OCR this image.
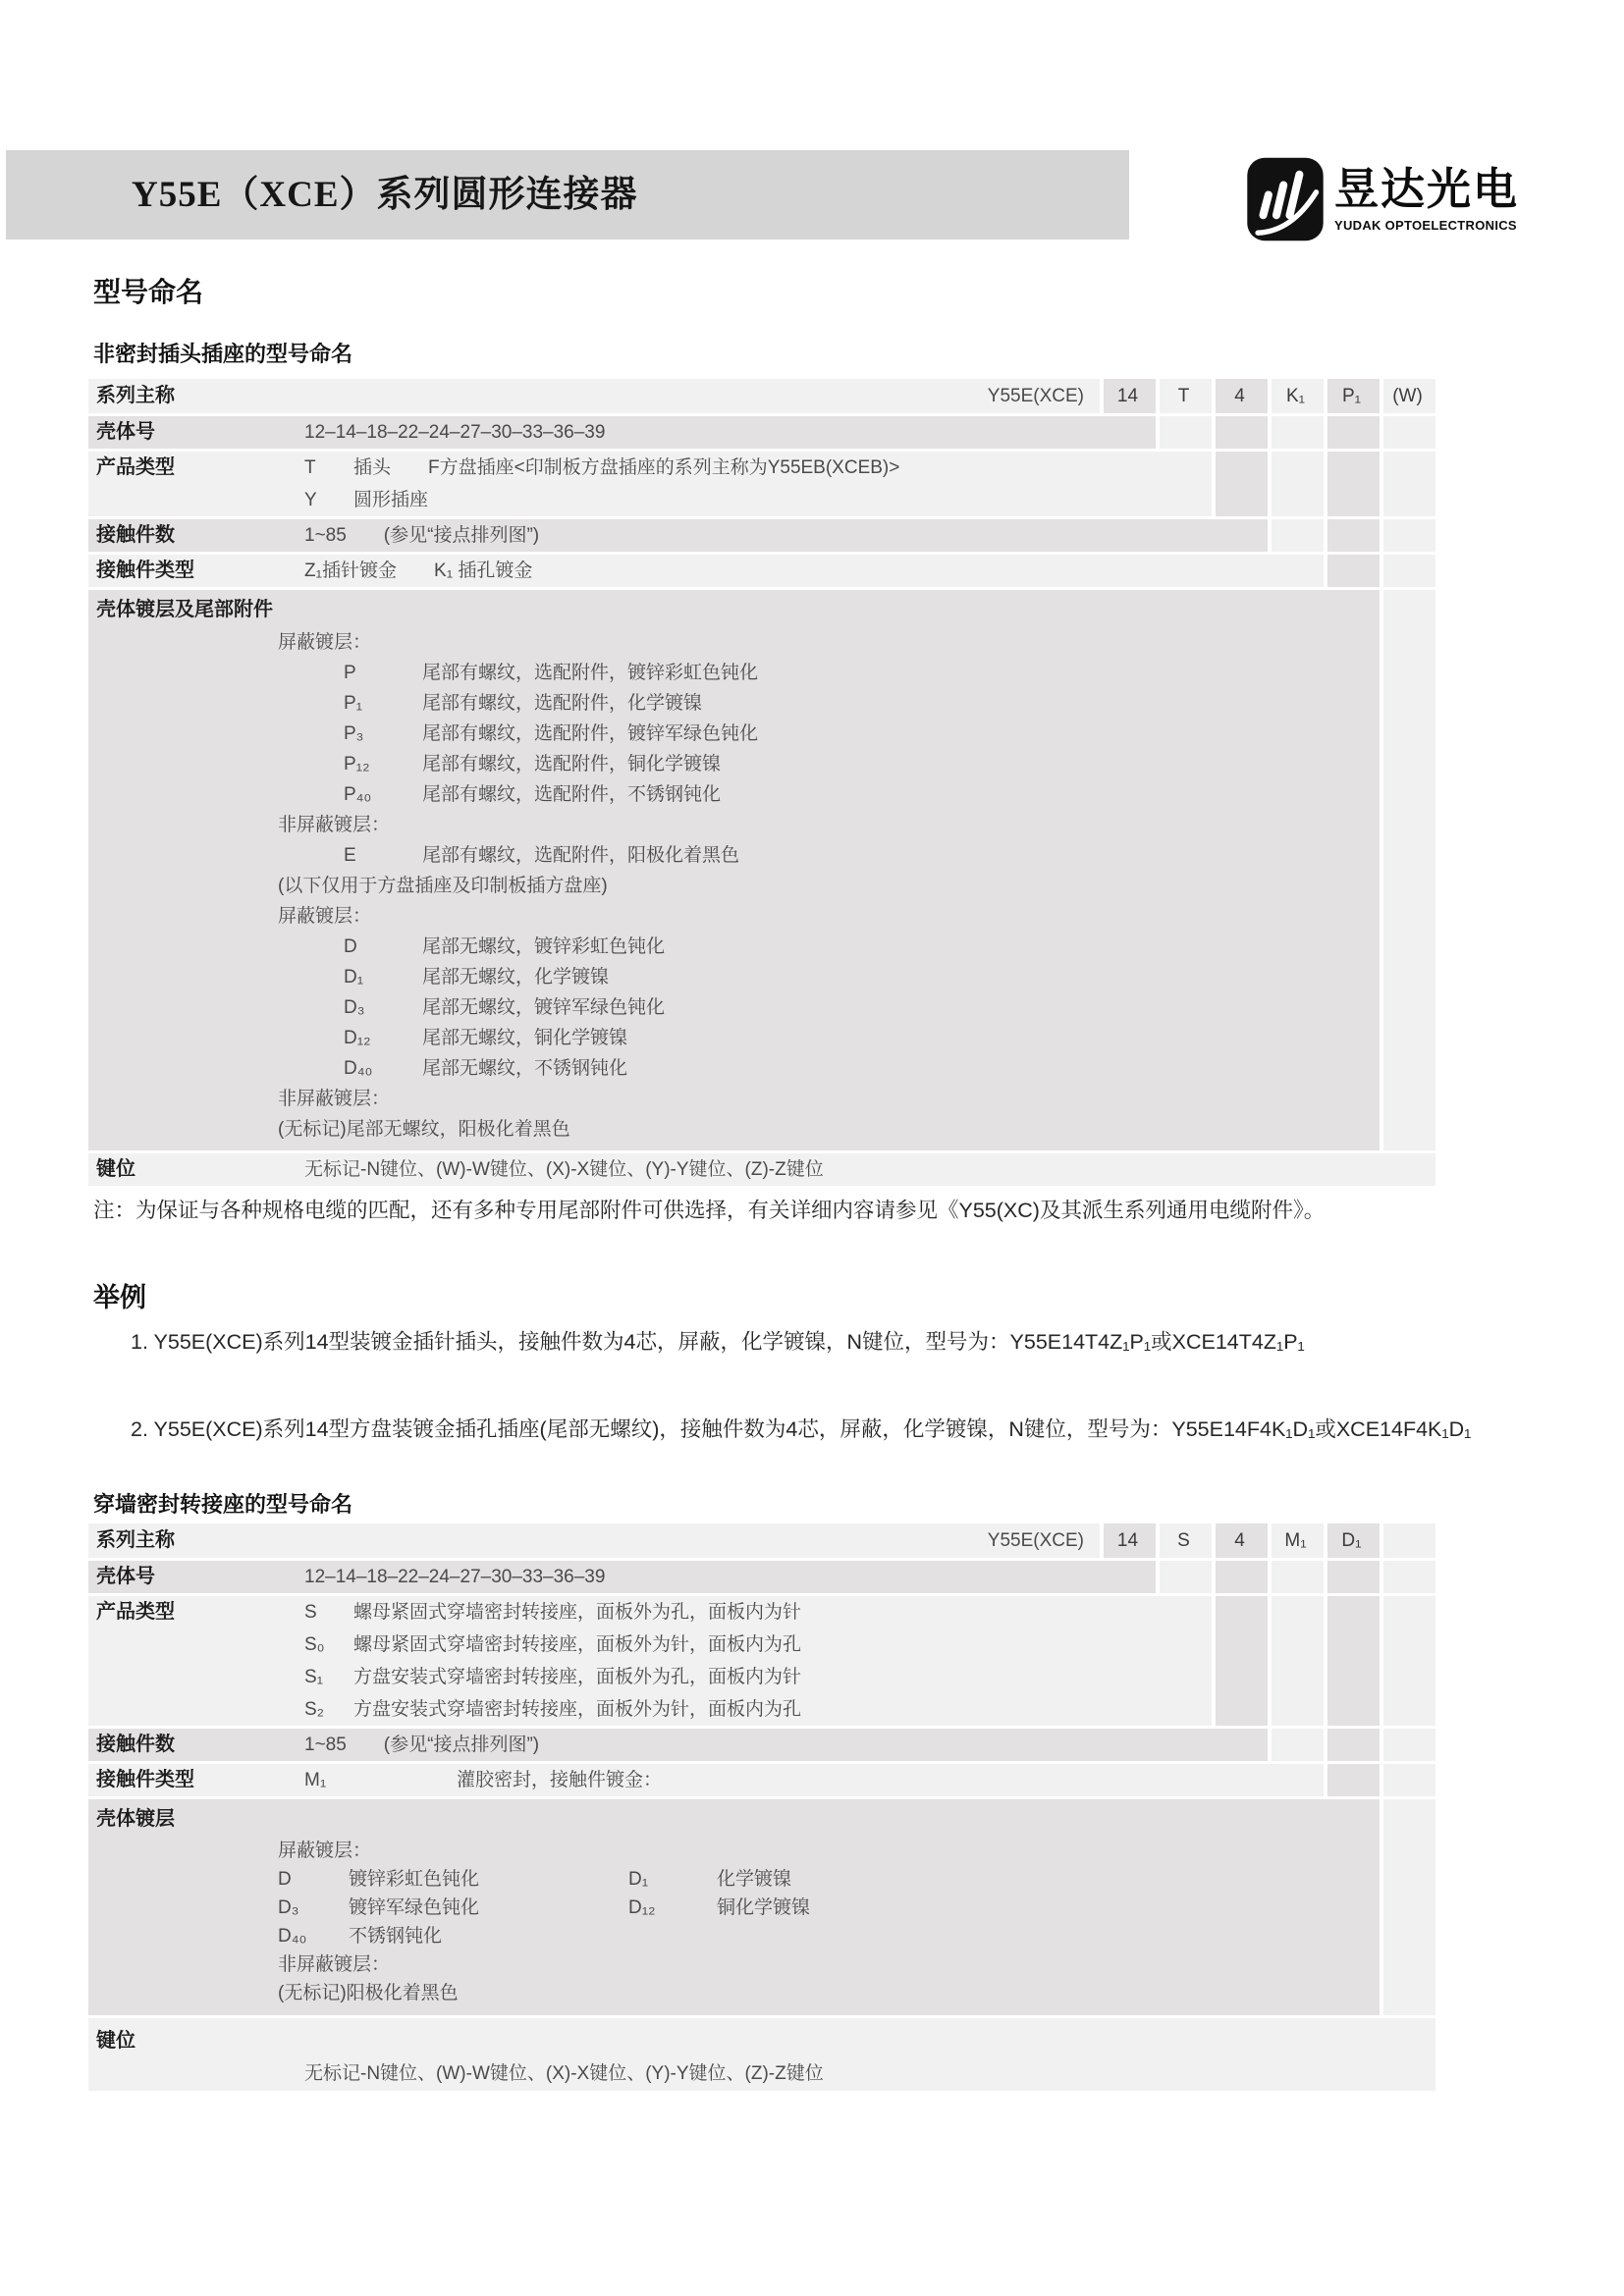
Y55E（XCE）系列圆形连接器	昱达光电
YUDAK OPTOELECTRONICS
型号命名
非密封插头插座的型号命名
系列主称	Y55E(XCE)	14	T	4	K₁	P₁	(W)
壳体号	12–14–18–22–24–27–30–33–36–39
产品类型	T	插头　　F方盘插座<印制板方盘插座的系列主称为Y55EB(XCEB)>
Y	圆形插座
接触件数	1~85　　(参见“接点排列图”)
接触件类型	Z₁插针镀金　　K₁ 插孔镀金
壳体镀层及尾部附件
屏蔽镀层：
P	尾部有螺纹，选配附件，镀锌彩虹色钝化
P₁	尾部有螺纹，选配附件，化学镀镍
P₃	尾部有螺纹，选配附件，镀锌军绿色钝化
P₁₂	尾部有螺纹，选配附件，铜化学镀镍
P₄₀	尾部有螺纹，选配附件，不锈钢钝化
非屏蔽镀层：
E	尾部有螺纹，选配附件，阳极化着黑色
(以下仅用于方盘插座及印制板插方盘座)
屏蔽镀层：
D	尾部无螺纹，镀锌彩虹色钝化
D₁	尾部无螺纹，化学镀镍
D₃	尾部无螺纹，镀锌军绿色钝化
D₁₂	尾部无螺纹，铜化学镀镍
D₄₀	尾部无螺纹，不锈钢钝化
非屏蔽镀层：
(无标记)尾部无螺纹，阳极化着黑色
键位	无标记-N键位、(W)-W键位、(X)-X键位、(Y)-Y键位、(Z)-Z键位

注：为保证与各种规格电缆的匹配，还有多种专用尾部附件可供选择，有关详细内容请参见《Y55(XC)及其派生系列通用电缆附件》。

举例

1. Y55E(XCE)系列14型装镀金插针插头，接触件数为4芯，屏蔽，化学镀镍，N键位，型号为：Y55E14T4Z₁P₁或XCE14T4Z₁P₁

2. Y55E(XCE)系列14型方盘装镀金插孔插座(尾部无螺纹)，接触件数为4芯，屏蔽，化学镀镍，N键位，型号为：Y55E14F4K₁D₁或XCE14F4K₁D₁

穿墙密封转接座的型号命名
系列主称	Y55E(XCE)	14	S	4	M₁	D₁
壳体号	12–14–18–22–24–27–30–33–36–39
产品类型	S	螺母紧固式穿墙密封转接座，面板外为孔，面板内为针
S₀	螺母紧固式穿墙密封转接座，面板外为针，面板内为孔
S₁	方盘安装式穿墙密封转接座，面板外为孔，面板内为针
S₂	方盘安装式穿墙密封转接座，面板外为针，面板内为孔
接触件数	1~85　　(参见“接点排列图”)
接触件类型	M₁	灌胶密封，接触件镀金：
壳体镀层
屏蔽镀层：
D	镀锌彩虹色钝化	D₁	化学镀镍
D₃	镀锌军绿色钝化	D₁₂	铜化学镀镍
D₄₀	不锈钢钝化
非屏蔽镀层：
(无标记)阳极化着黑色
键位
无标记-N键位、(W)-W键位、(X)-X键位、(Y)-Y键位、(Z)-Z键位
